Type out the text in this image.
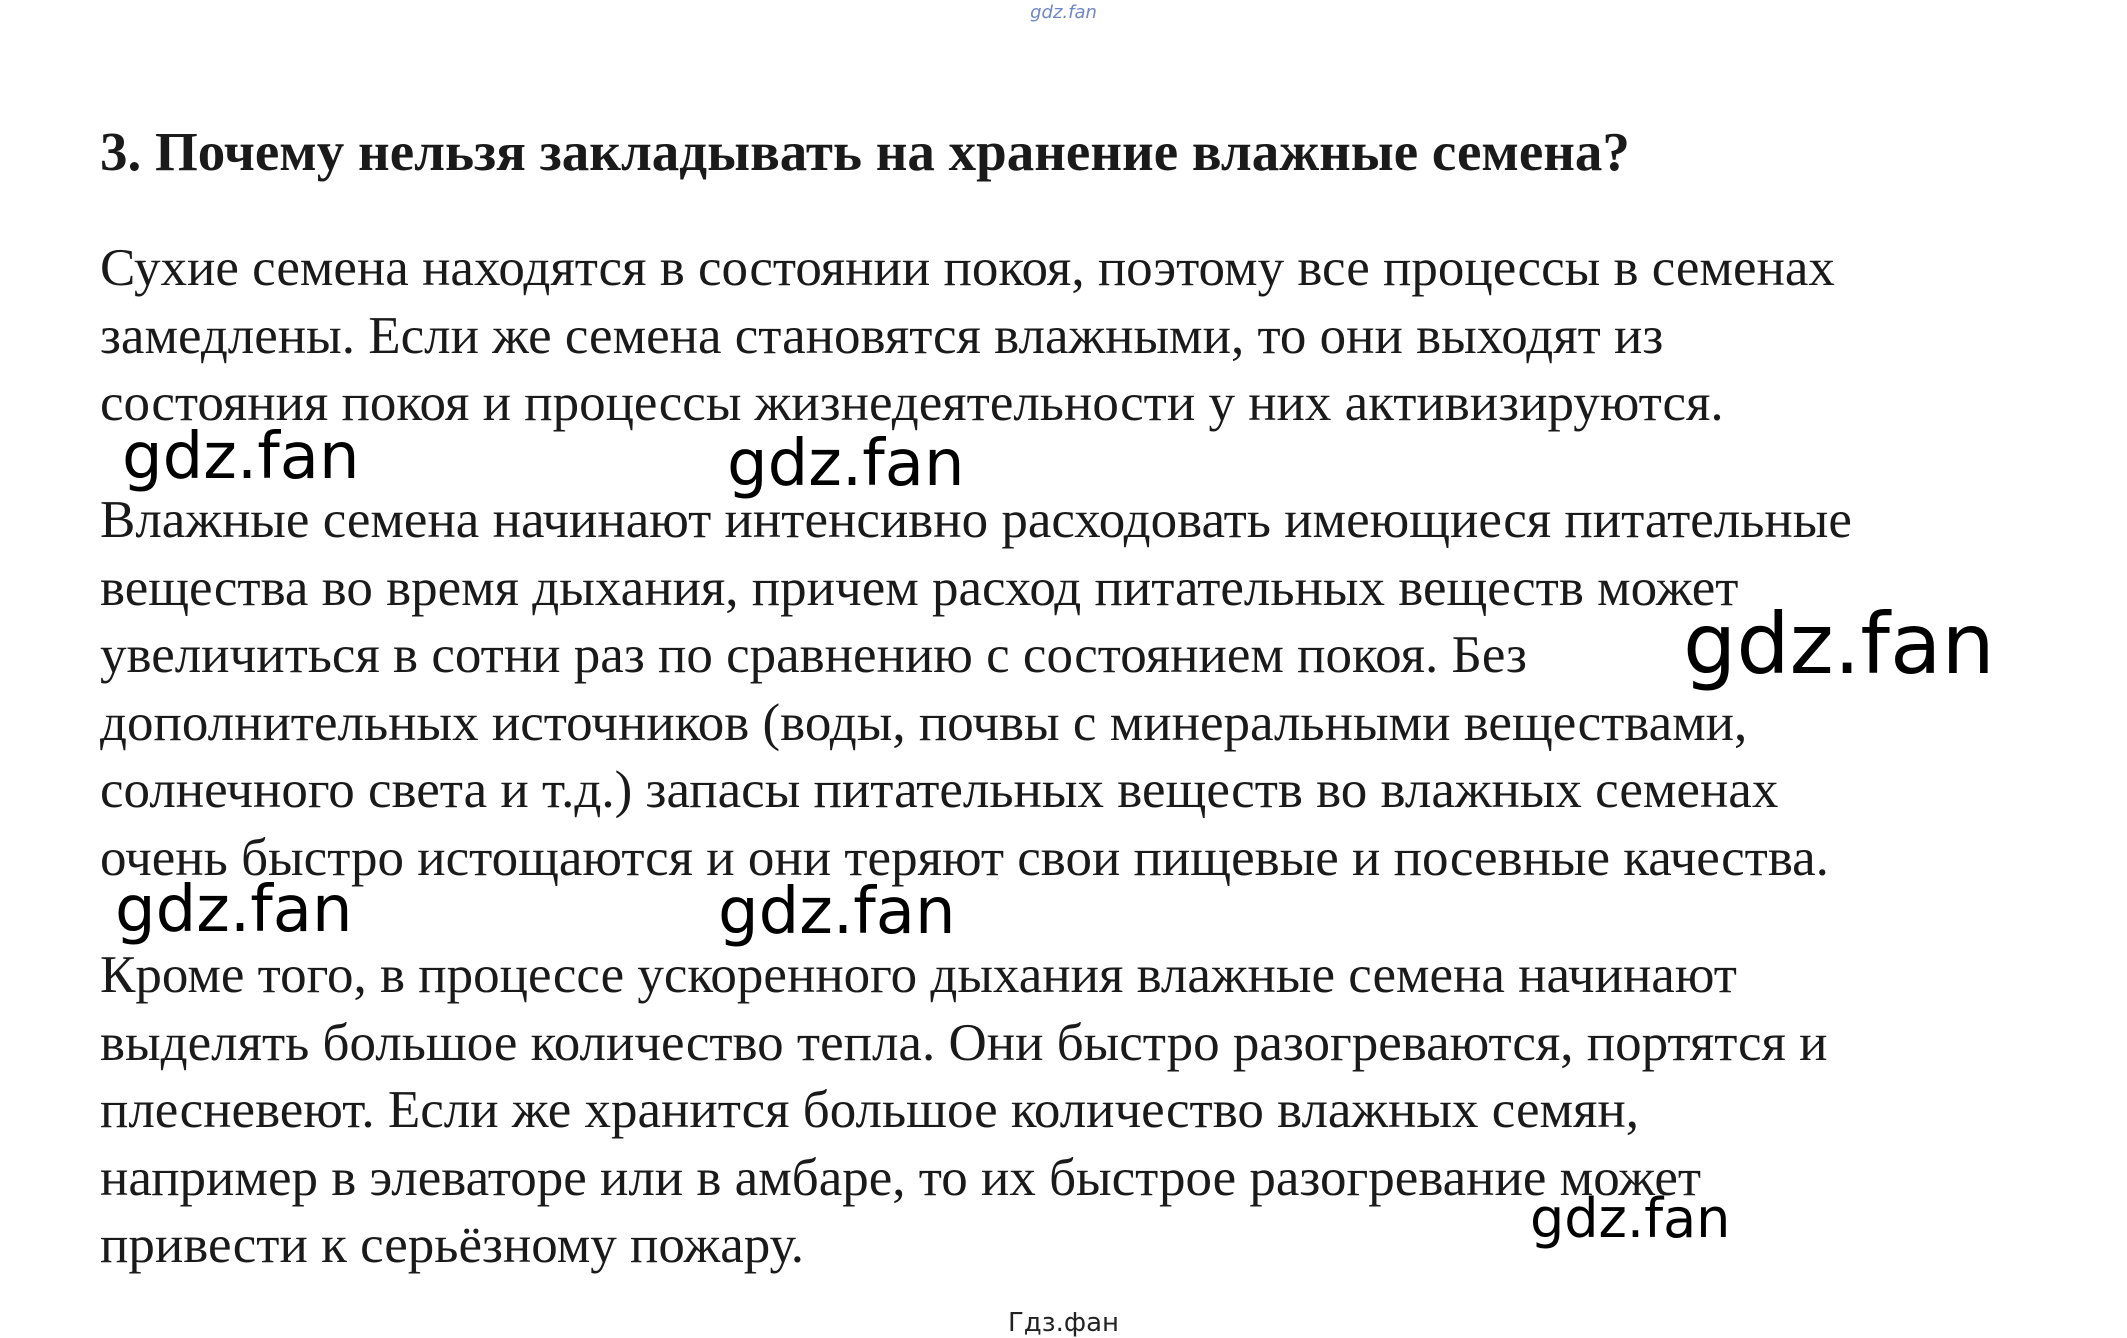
gdz.fan
3. Почему нельзя закладывать на хранение влажные семена?

Сухие семена находятся в состоянии покоя, поэтому все процессы в семенах
замедлены. Если же семена становятся влажными, то они выходят из
состояния покоя и процессы жизнедеятельности у них активизируются.

Влажные семена начинают интенсивно расходовать имеющиеся питательные
вещества во время дыхания, причем расход питательных веществ может
увеличиться в сотни раз по сравнению с состоянием покоя. Без
дополнительных источников (воды, почвы с минеральными веществами,
солнечного света и т.д.) запасы питательных веществ во влажных семенах
очень быстро истощаются и они теряют свои пищевые и посевные качества.

Кроме того, в процессе ускоренного дыхания влажные семена начинают
выделять большое количество тепла. Они быстро разогреваются, портятся и
плесневеют. Если же хранится большое количество влажных семян,
например в элеваторе или в амбаре, то их быстрое разогревание может
привести к серьёзному пожару.

gdz.fan	gdz.fan
gdz.fan
gdz.fan	gdz.fan
gdz.fan
Гдз.фан
